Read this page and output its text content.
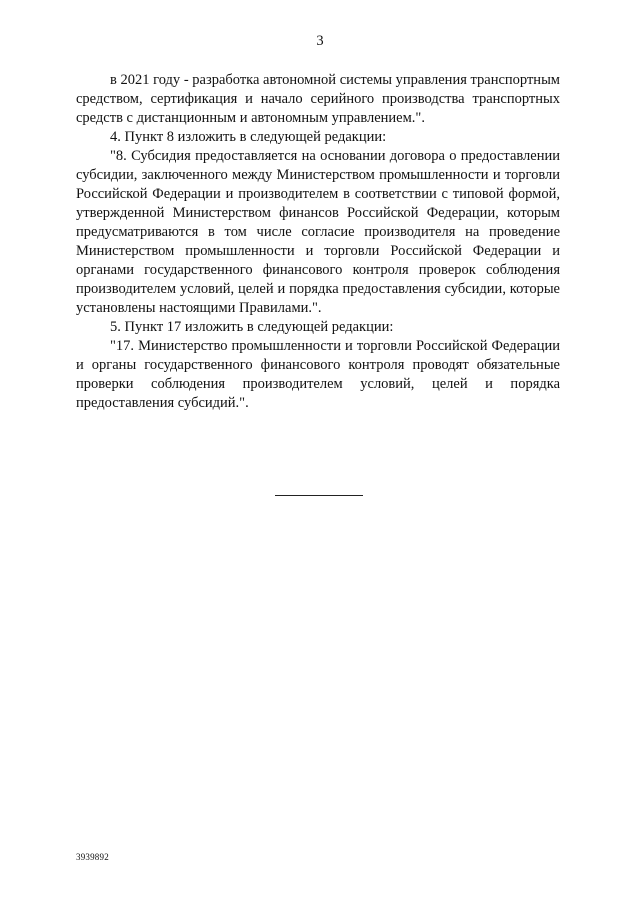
3

в 2021 году - разработка автономной системы управления транспортным средством, сертификация и начало серийного производства транспортных средств с дистанционным и автономным управлением.".

4. Пункт 8 изложить в следующей редакции:

"8. Субсидия предоставляется на основании договора о предоставлении субсидии, заключенного между Министерством промышленности и торговли Российской Федерации и производителем в соответствии с типовой формой, утвержденной Министерством финансов Российской Федерации, которым предусматриваются в том числе согласие производителя на проведение Министерством промышленности и торговли Российской Федерации и органами государственного финансового контроля проверок соблюдения производителем условий, целей и порядка предоставления субсидии, которые установлены настоящими Правилами.".

5. Пункт 17 изложить в следующей редакции:

"17. Министерство промышленности и торговли Российской Федерации и органы государственного финансового контроля проводят обязательные проверки соблюдения производителем условий, целей и порядка предоставления субсидий.".

3939892
